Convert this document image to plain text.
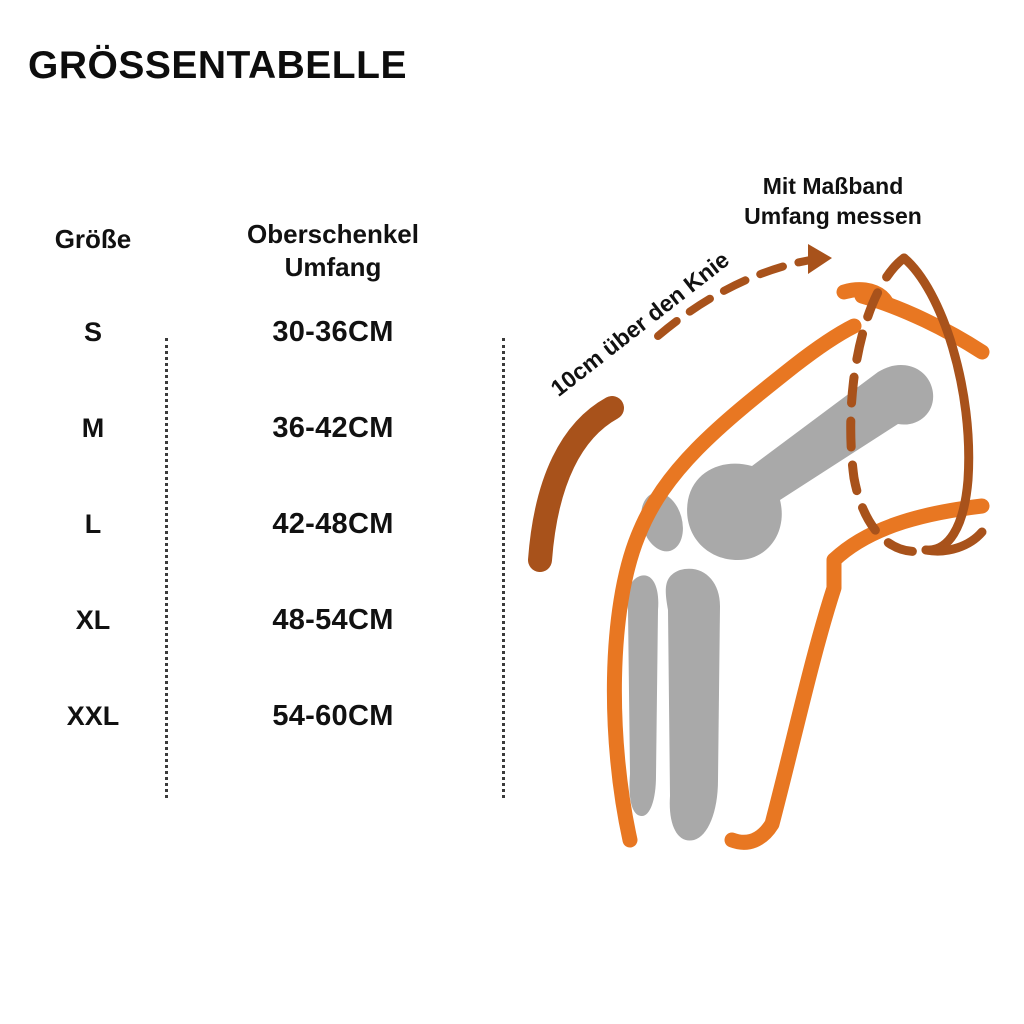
GRÖSSENTABELLE
Größe	Oberschenkel
Umfang
S	30-36CM
M	36-42CM
L	42-48CM
XL	48-54CM
XXL	54-60CM
Mit Maßband
Umfang messen
10cm über den Knie
